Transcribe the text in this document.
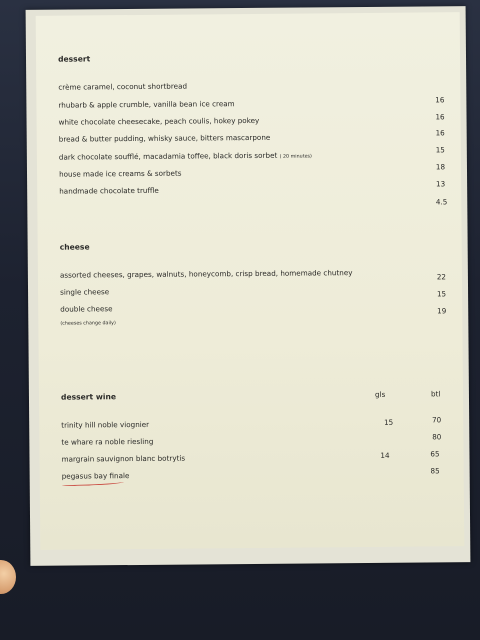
dessert
crème caramel, coconut shortbread
rhubarb & apple crumble, vanilla bean ice cream
white chocolate cheesecake, peach coulis, hokey pokey
bread & butter pudding, whisky sauce, bitters mascarpone
dark chocolate soufflé, macadamia toffee, black doris sorbet ( 20 minutes)
house made ice creams & sorbets
handmade chocolate truffle
16
16
16
15
18
13
4.5
cheese
assorted cheeses, grapes, walnuts, honeycomb, crisp bread, homemade chutney
single cheese
double cheese
(cheeses change daily)
22
15
19
dessert wine	gls	btl
trinity hill noble viognier
te whare ra noble riesling
margrain sauvignon blanc botrytis
pegasus bay finale
15
14
70
80
65
85
